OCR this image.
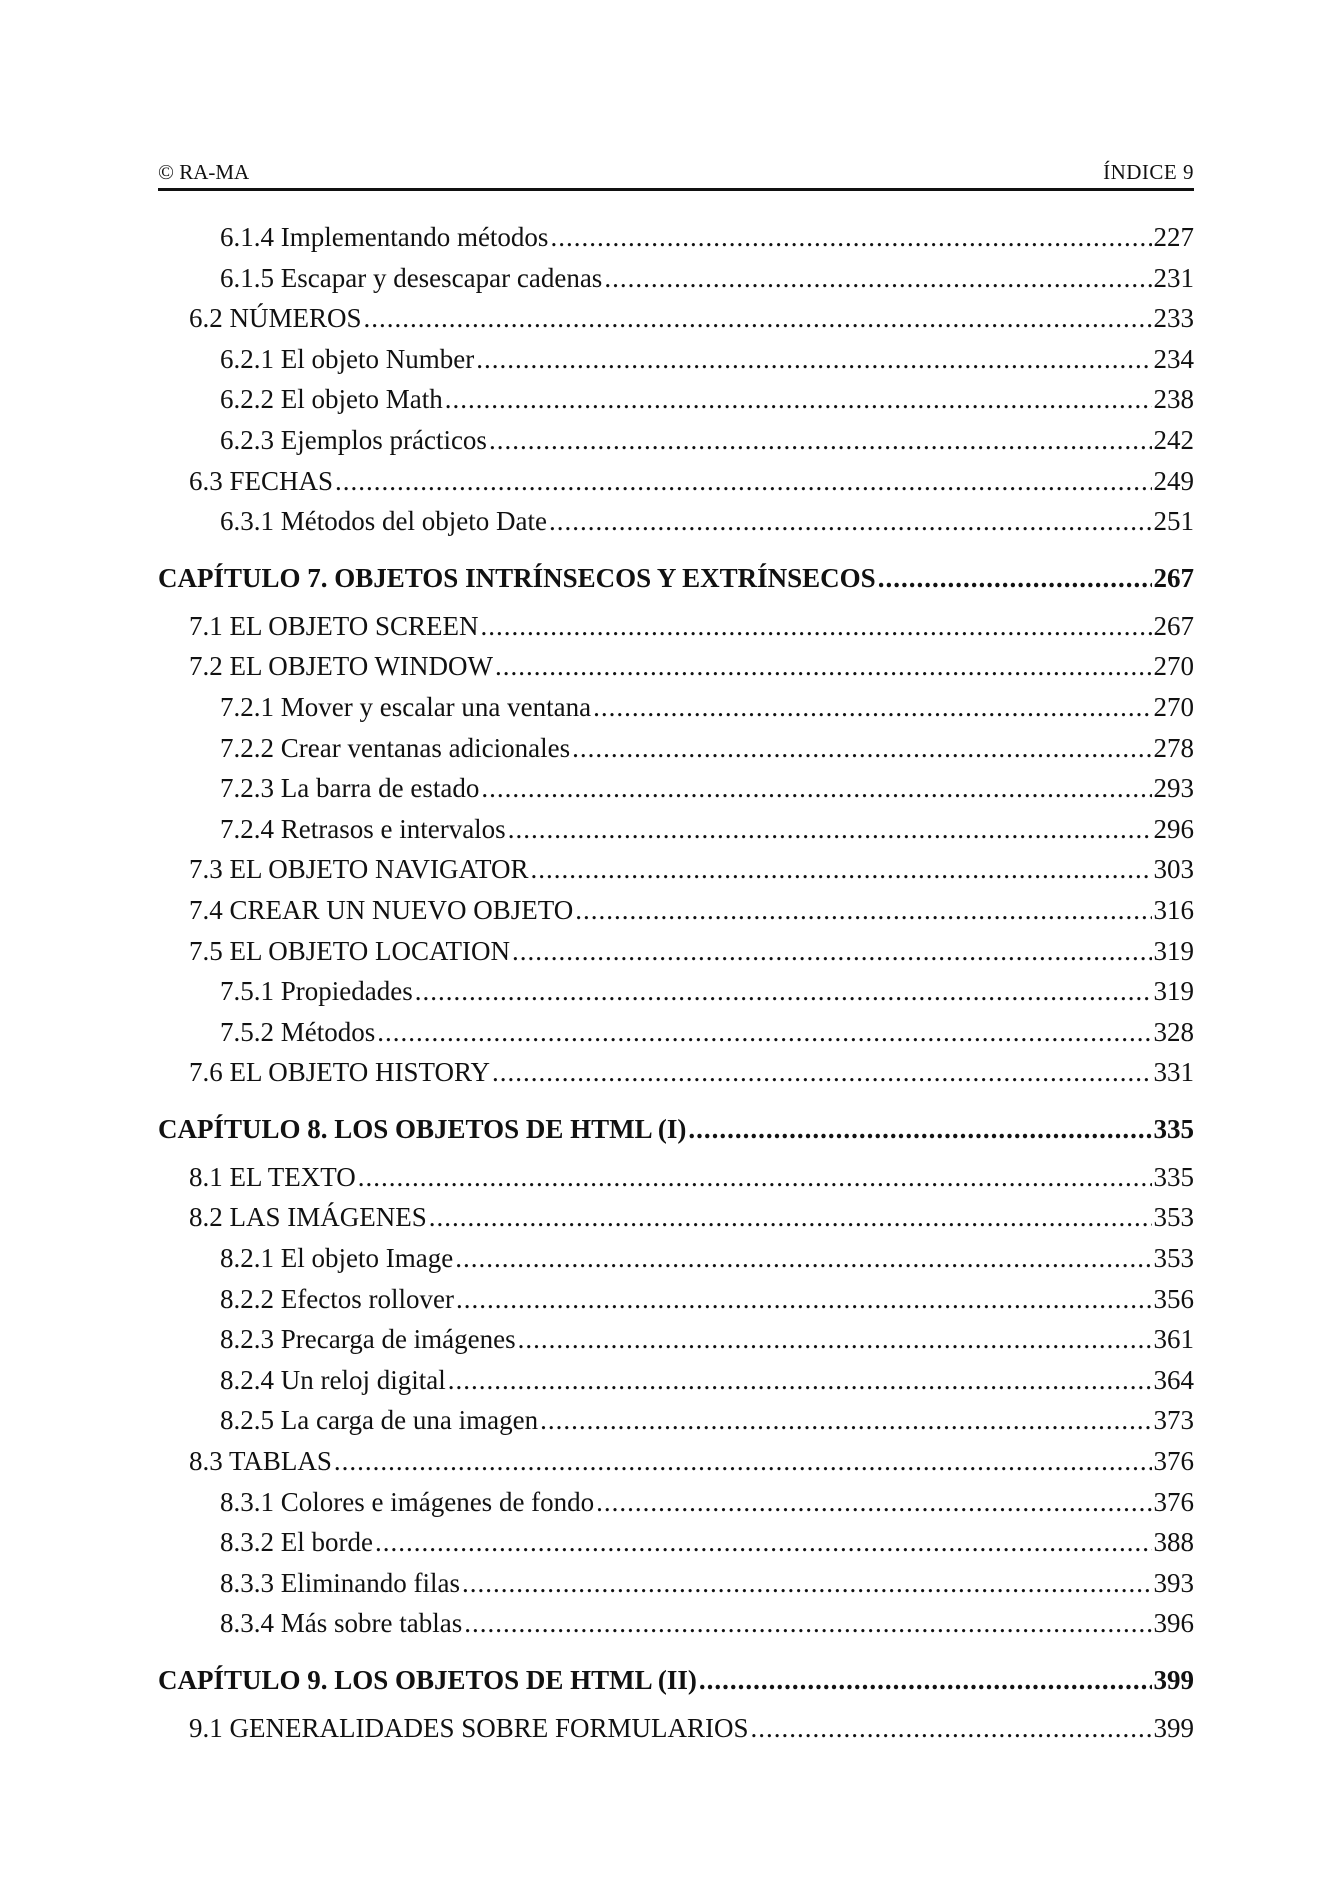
© RA-MA	ÍNDICE 9
6.1.4 Implementando métodos .....	227
6.1.5 Escapar y desescapar cadenas .....	231
6.2 NÚMEROS .....	233
6.2.1 El objeto Number .....	234
6.2.2 El objeto Math .....	238
6.2.3 Ejemplos prácticos .....	242
6.3 FECHAS .....	249
6.3.1 Métodos del objeto Date .....	251
CAPÍTULO 7. OBJETOS INTRÍNSECOS Y EXTRÍNSECOS .....	267
7.1 EL OBJETO SCREEN .....	267
7.2 EL OBJETO WINDOW .....	270
7.2.1 Mover y escalar una ventana .....	270
7.2.2 Crear ventanas adicionales .....	278
7.2.3 La barra de estado .....	293
7.2.4 Retrasos e intervalos .....	296
7.3 EL OBJETO NAVIGATOR .....	303
7.4 CREAR UN NUEVO OBJETO .....	316
7.5 EL OBJETO LOCATION .....	319
7.5.1 Propiedades .....	319
7.5.2 Métodos .....	328
7.6 EL OBJETO HISTORY .....	331
CAPÍTULO 8. LOS OBJETOS DE HTML (I) .....	335
8.1 EL TEXTO .....	335
8.2 LAS IMÁGENES .....	353
8.2.1 El objeto Image .....	353
8.2.2 Efectos rollover .....	356
8.2.3 Precarga de imágenes .....	361
8.2.4 Un reloj digital .....	364
8.2.5 La carga de una imagen .....	373
8.3 TABLAS .....	376
8.3.1 Colores e imágenes de fondo .....	376
8.3.2 El borde .....	388
8.3.3 Eliminando filas .....	393
8.3.4 Más sobre tablas .....	396
CAPÍTULO 9. LOS OBJETOS DE HTML (II) .....	399
9.1 GENERALIDADES SOBRE FORMULARIOS .....	399
